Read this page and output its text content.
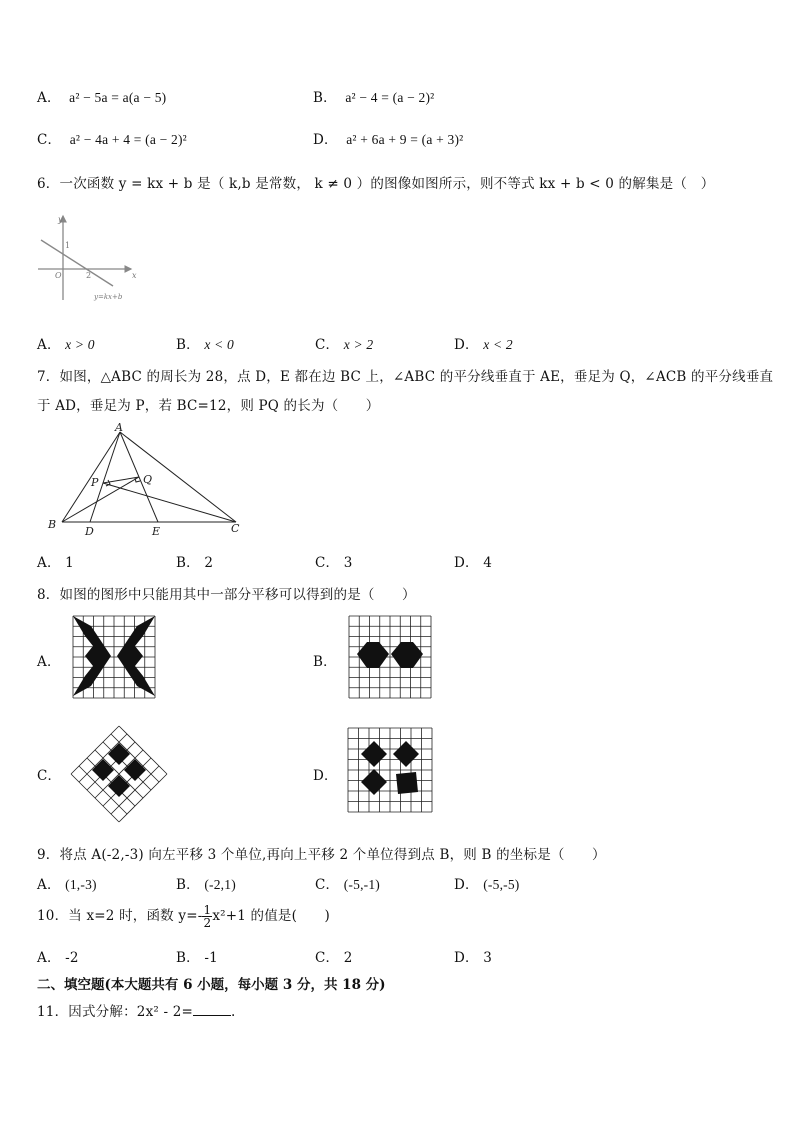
A． a² − 5a = a(a − 5)	B． a² − 4 = (a − 2)²
C． a² − 4a + 4 = (a − 2)²	D． a² + 6a + 9 = (a + 3)²
6．一次函数 y = kx + b 是（ k,b 是常数， k ≠ 0 ）的图像如图所示，则不等式 kx + b < 0 的解集是（　）
y
x
O
1
2
y=kx+b
A． x > 0	B． x < 0	C． x > 2	D． x < 2
7．如图，△ABC 的周长为 28，点 D，E 都在边 BC 上，∠ABC 的平分线垂直于 AE，垂足为 Q，∠ACB 的平分线垂直
于 AD，垂足为 P，若 BC=12，则 PQ 的长为（　　）
A
B	C
D	E
P	Q
A． 1	B． 2	C． 3	D． 4
8．如图的图形中只能用其中一部分平移可以得到的是（　　）
A．	B．
C．	D．
9．将点 A(-2,-3) 向左平移 3 个单位,再向上平移 2 个单位得到点 B，则 B 的坐标是（　　）
A． (1,-3)	B． (-2,1)	C． (-5,-1)	D． (-5,-5)
10．当 x=2 时，函数 $y=- \frac{1}{2} x^2+1$ 的值是(　　)
A． -2	B． -1	C． 2	D． 3
二、填空题(本大题共有 6 小题，每小题 3 分，共 18 分)
11．因式分解：2x² - 2=	.
